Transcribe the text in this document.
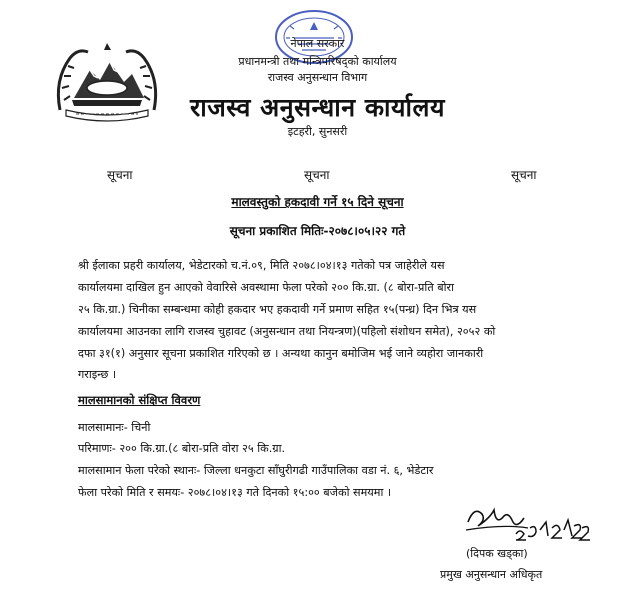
नेपाल सरकार
प्रधानमन्त्री तथा मन्त्रिपरिषद्को कार्यालय
राजस्व अनुसन्धान विभाग
राजस्व अनुसन्धान कार्यालय
इटहरी, सुनसरी
सूचना	सूचना	सूचना
मालवस्तुको हकदावी गर्ने १५ दिने सूचना
सूचना प्रकाशित मितिः-२०७८।०५।२२ गते
श्री ईलाका प्रहरी कार्यालय, भेडेटारको च.नं.०९, मिति २०७८।०४।१३ गतेको पत्र जाहेरीले यस
कार्यालयमा दाखिल हुन आएको वेवारिसे अवस्थामा फेला परेको २०० कि.ग्रा. (८ बोरा-प्रति बोरा
२५ कि.ग्रा.) चिनीका सम्बन्धमा कोही हकदार भए हकदावी गर्ने प्रमाण सहित १५(पन्ध्र) दिन भित्र यस
कार्यालयमा आउनका लागि राजस्व चुहावट (अनुसन्धान तथा नियन्त्रण)(पहिलो संशोधन समेत), २०५२ को
दफा ३१(१) अनुसार सूचना प्रकाशित गरिएको छ । अन्यथा कानुन बमोजिम भई जाने व्यहोरा जानकारी
गराइन्छ ।
मालसामानको संक्षिप्त विवरण
मालसामानः- चिनी
परिमाणः- २०० कि.ग्रा.(८ बोरा-प्रति वोरा २५ कि.ग्रा.
मालसामान फेला परेको स्थानः- जिल्ला धनकुटा साँघुरीगढी गाउँपालिका वडा नं. ६, भेडेटार
फेला परेको मिति र समयः- २०७८।०४।१३ गते दिनको १५:०० बजेको समयमा ।
(दिपक खड्का)
प्रमुख अनुसन्धान अधिकृत
